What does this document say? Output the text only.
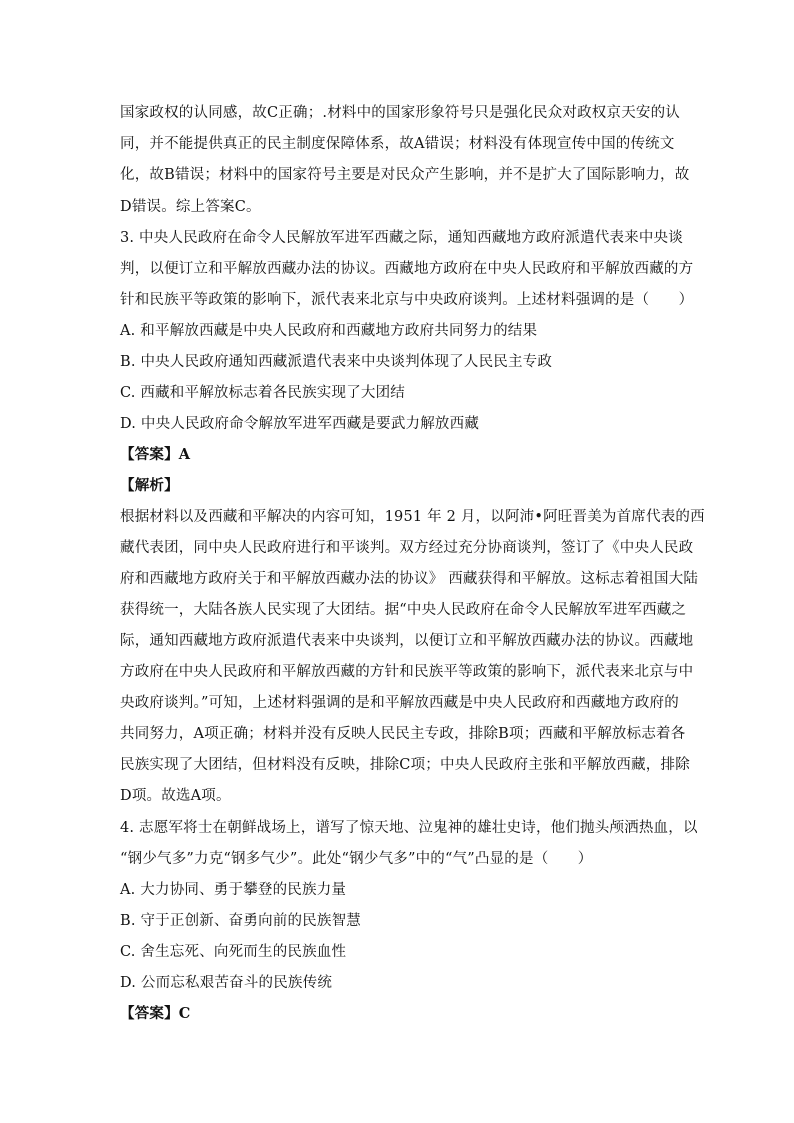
国家政权的认同感，故C正确；.材料中的国家形象符号只是强化民众对政权京天安的认
同，并不能提供真正的民主制度保障体系，故A错误；材料没有体现宣传中国的传统文
化，故B错误；材料中的国家符号主要是对民众产生影响，并不是扩大了国际影响力，故
D错误。综上答案C。
3. 中央人民政府在命令人民解放军进军西藏之际，通知西藏地方政府派遣代表来中央谈
判，以便订立和平解放西藏办法的协议。西藏地方政府在中央人民政府和平解放西藏的方
针和民族平等政策的影响下，派代表来北京与中央政府谈判。上述材料强调的是（　　）
A. 和平解放西藏是中央人民政府和西藏地方政府共同努力的结果
B. 中央人民政府通知西藏派遣代表来中央谈判体现了人民民主专政
C. 西藏和平解放标志着各民族实现了大团结
D. 中央人民政府命令解放军进军西藏是要武力解放西藏
【答案】A
【解析】
根据材料以及西藏和平解决的内容可知，1951 年 2 月，以阿沛•阿旺晋美为首席代表的西
藏代表团，同中央人民政府进行和平谈判。双方经过充分协商谈判，签订了《中央人民政
府和西藏地方政府关于和平解放西藏办法的协议》 西藏获得和平解放。这标志着祖国大陆
获得统一，大陆各族人民实现了大团结。据“中央人民政府在命令人民解放军进军西藏之
际，通知西藏地方政府派遣代表来中央谈判，以便订立和平解放西藏办法的协议。西藏地
方政府在中央人民政府和平解放西藏的方针和民族平等政策的影响下，派代表来北京与中
央政府谈判。”可知，上述材料强调的是和平解放西藏是中央人民政府和西藏地方政府的
共同努力，A项正确；材料并没有反映人民民主专政，排除B项；西藏和平解放标志着各
民族实现了大团结，但材料没有反映，排除C项；中央人民政府主张和平解放西藏，排除
D项。故选A项。
4. 志愿军将士在朝鲜战场上，谱写了惊天地、泣鬼神的雄壮史诗，他们抛头颅洒热血，以
“钢少气多”力克“钢多气少”。此处“钢少气多”中的“气”凸显的是（　　）
A. 大力协同、勇于攀登的民族力量
B. 守于正创新、奋勇向前的民族智慧
C. 舍生忘死、向死而生的民族血性
D. 公而忘私艰苦奋斗的民族传统
【答案】C
